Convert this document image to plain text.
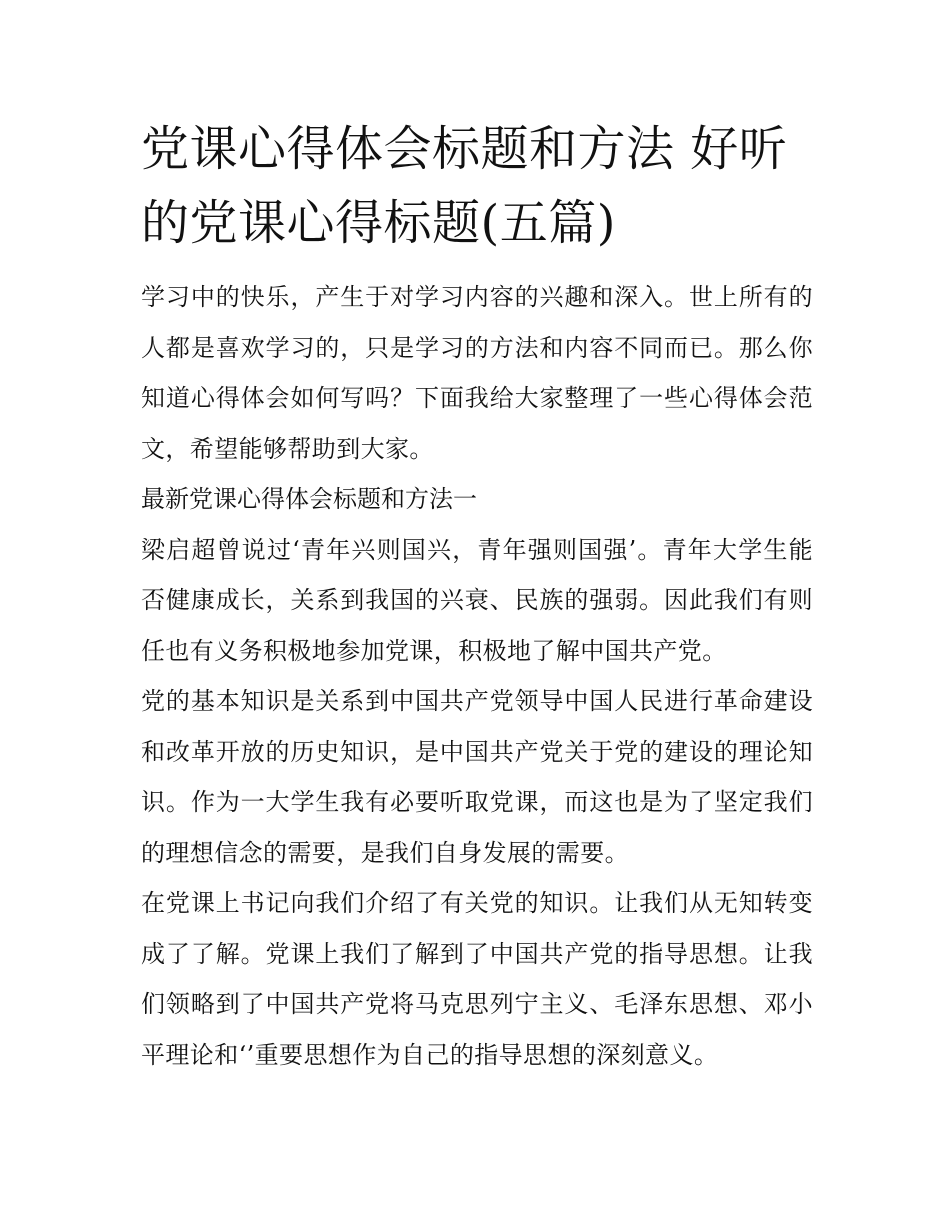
党课心得体会标题和方法 好听的党课心得标题(五篇)

学习中的快乐，产生于对学习内容的兴趣和深入。世上所有的人都是喜欢学习的，只是学习的方法和内容不同而已。那么你知道心得体会如何写吗？下面我给大家整理了一些心得体会范文，希望能够帮助到大家。

最新党课心得体会标题和方法一

梁启超曾说过‘青年兴则国兴，青年强则国强’。青年大学生能否健康成长，关系到我国的兴衰、民族的强弱。因此我们有则任也有义务积极地参加党课，积极地了解中国共产党。

党的基本知识是关系到中国共产党领导中国人民进行革命建设和改革开放的历史知识，是中国共产党关于党的建设的理论知识。作为一大学生我有必要听取党课，而这也是为了坚定我们的理想信念的需要，是我们自身发展的需要。

在党课上书记向我们介绍了有关党的知识。让我们从无知转变成了了解。党课上我们了解到了中国共产党的指导思想。让我们领略到了中国共产党将马克思列宁主义、毛泽东思想、邓小平理论和‘’重要思想作为自己的指导思想的深刻意义。
